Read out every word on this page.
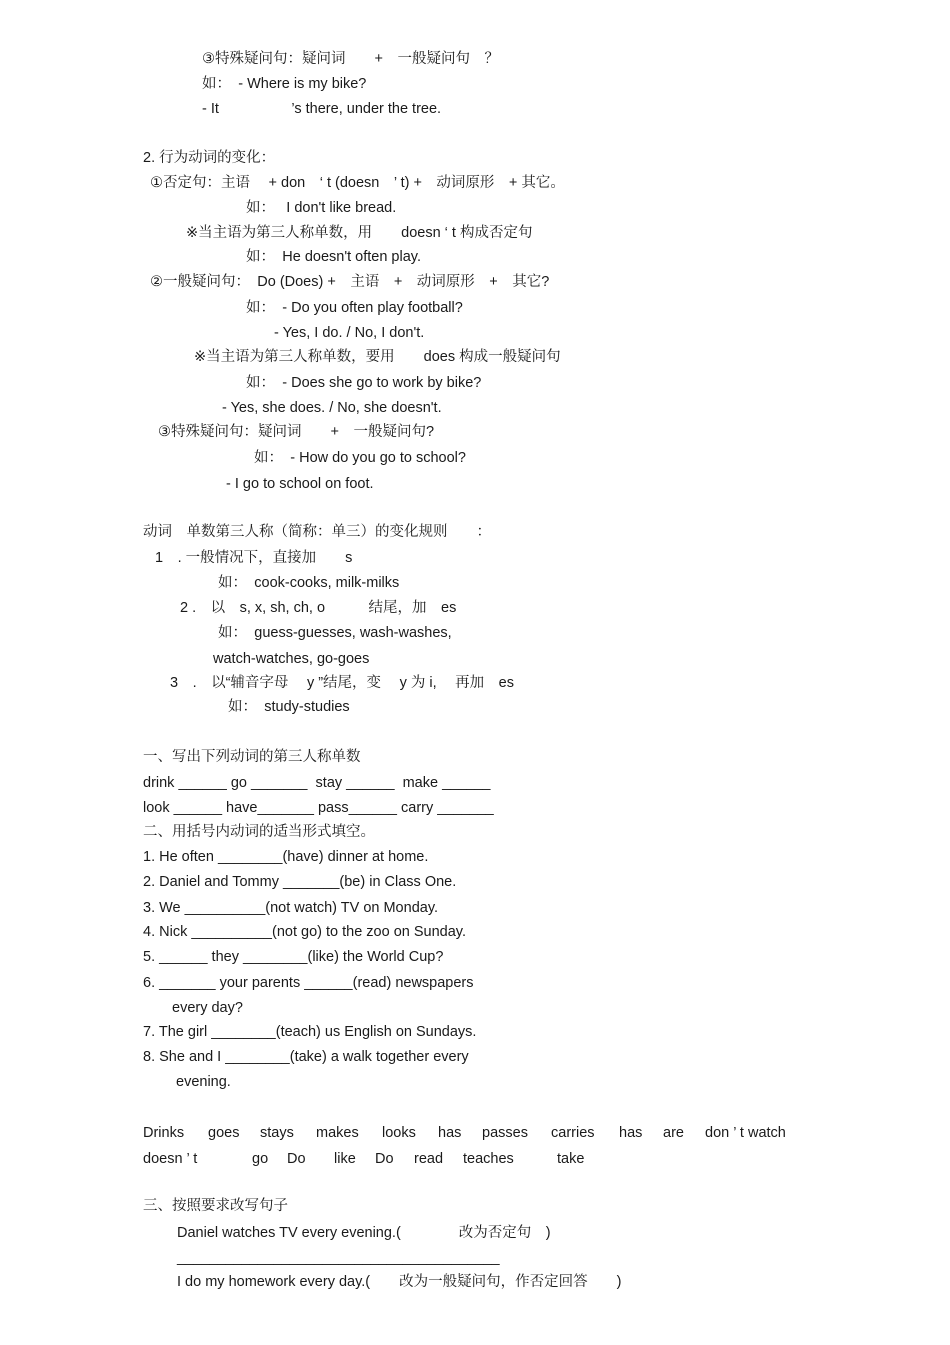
③特殊疑问句：疑问词　　+　一般疑问句　？
如：　- Where is my bike?
- It　　　　　’s there, under the tree.
2. 行为动词的变化：
①否定句：主语　 + don　‘ t (doesn　’ t) +　动词原形　+ 其它。
如：　 I don't like bread.
※当主语为第三人称单数，用　　doesn ‘ t 构成否定句
如：　He doesn't often play.
②一般疑问句：　Do (Does) +　主语　+　动词原形　+　其它?
如：　- Do you often play football?
- Yes, I do. / No, I don't.
※当主语为第三人称单数，要用　　does 构成一般疑问句
如：　- Does she go to work by bike?
- Yes, she does. / No, she doesn't.
③特殊疑问句：疑问词　　+　一般疑问句?
如：　- How do you go to school?
- I go to school on foot.
动词　单数第三人称（简称：单三）的变化规则　　：
1　. 一般情况下，直接加　　s
如：　cook-cooks, milk-milks
2 .　以　s, x, sh, ch, o　　　结尾，加　es
如：　guess-guesses, wash-washes,
watch-watches, go-goes
3　.　以“辅音字母　 y ”结尾，变　 y 为 i,　 再加　es
如：　study-studies
一、写出下列动词的第三人称单数
drink ______ go _______  stay ______  make ______
look ______ have_______ pass______ carry _______
二、用括号内动词的适当形式填空。
1. He often ________(have) dinner at home.
2. Daniel and Tommy _______(be) in Class One.
3. We __________(not watch) TV on Monday.
4. Nick __________(not go) to the zoo on Sunday.
5. ______ they ________(like) the World Cup?
6. _______ your parents ______(read) newspapers
every day?
7. The girl ________(teach) us English on Sundays.
8. She and I ________(take) a walk together every
evening.
Drinks goes stays makes looks has passes carries has are don ’ t watch
doesn ’ t	go Do like Do read teaches	take
三、按照要求改写句子
Daniel watches TV every evening.(　　　　改为否定句　)
________________________________________
I do my homework every day.(　　改为一般疑问句，作否定回答　　)
